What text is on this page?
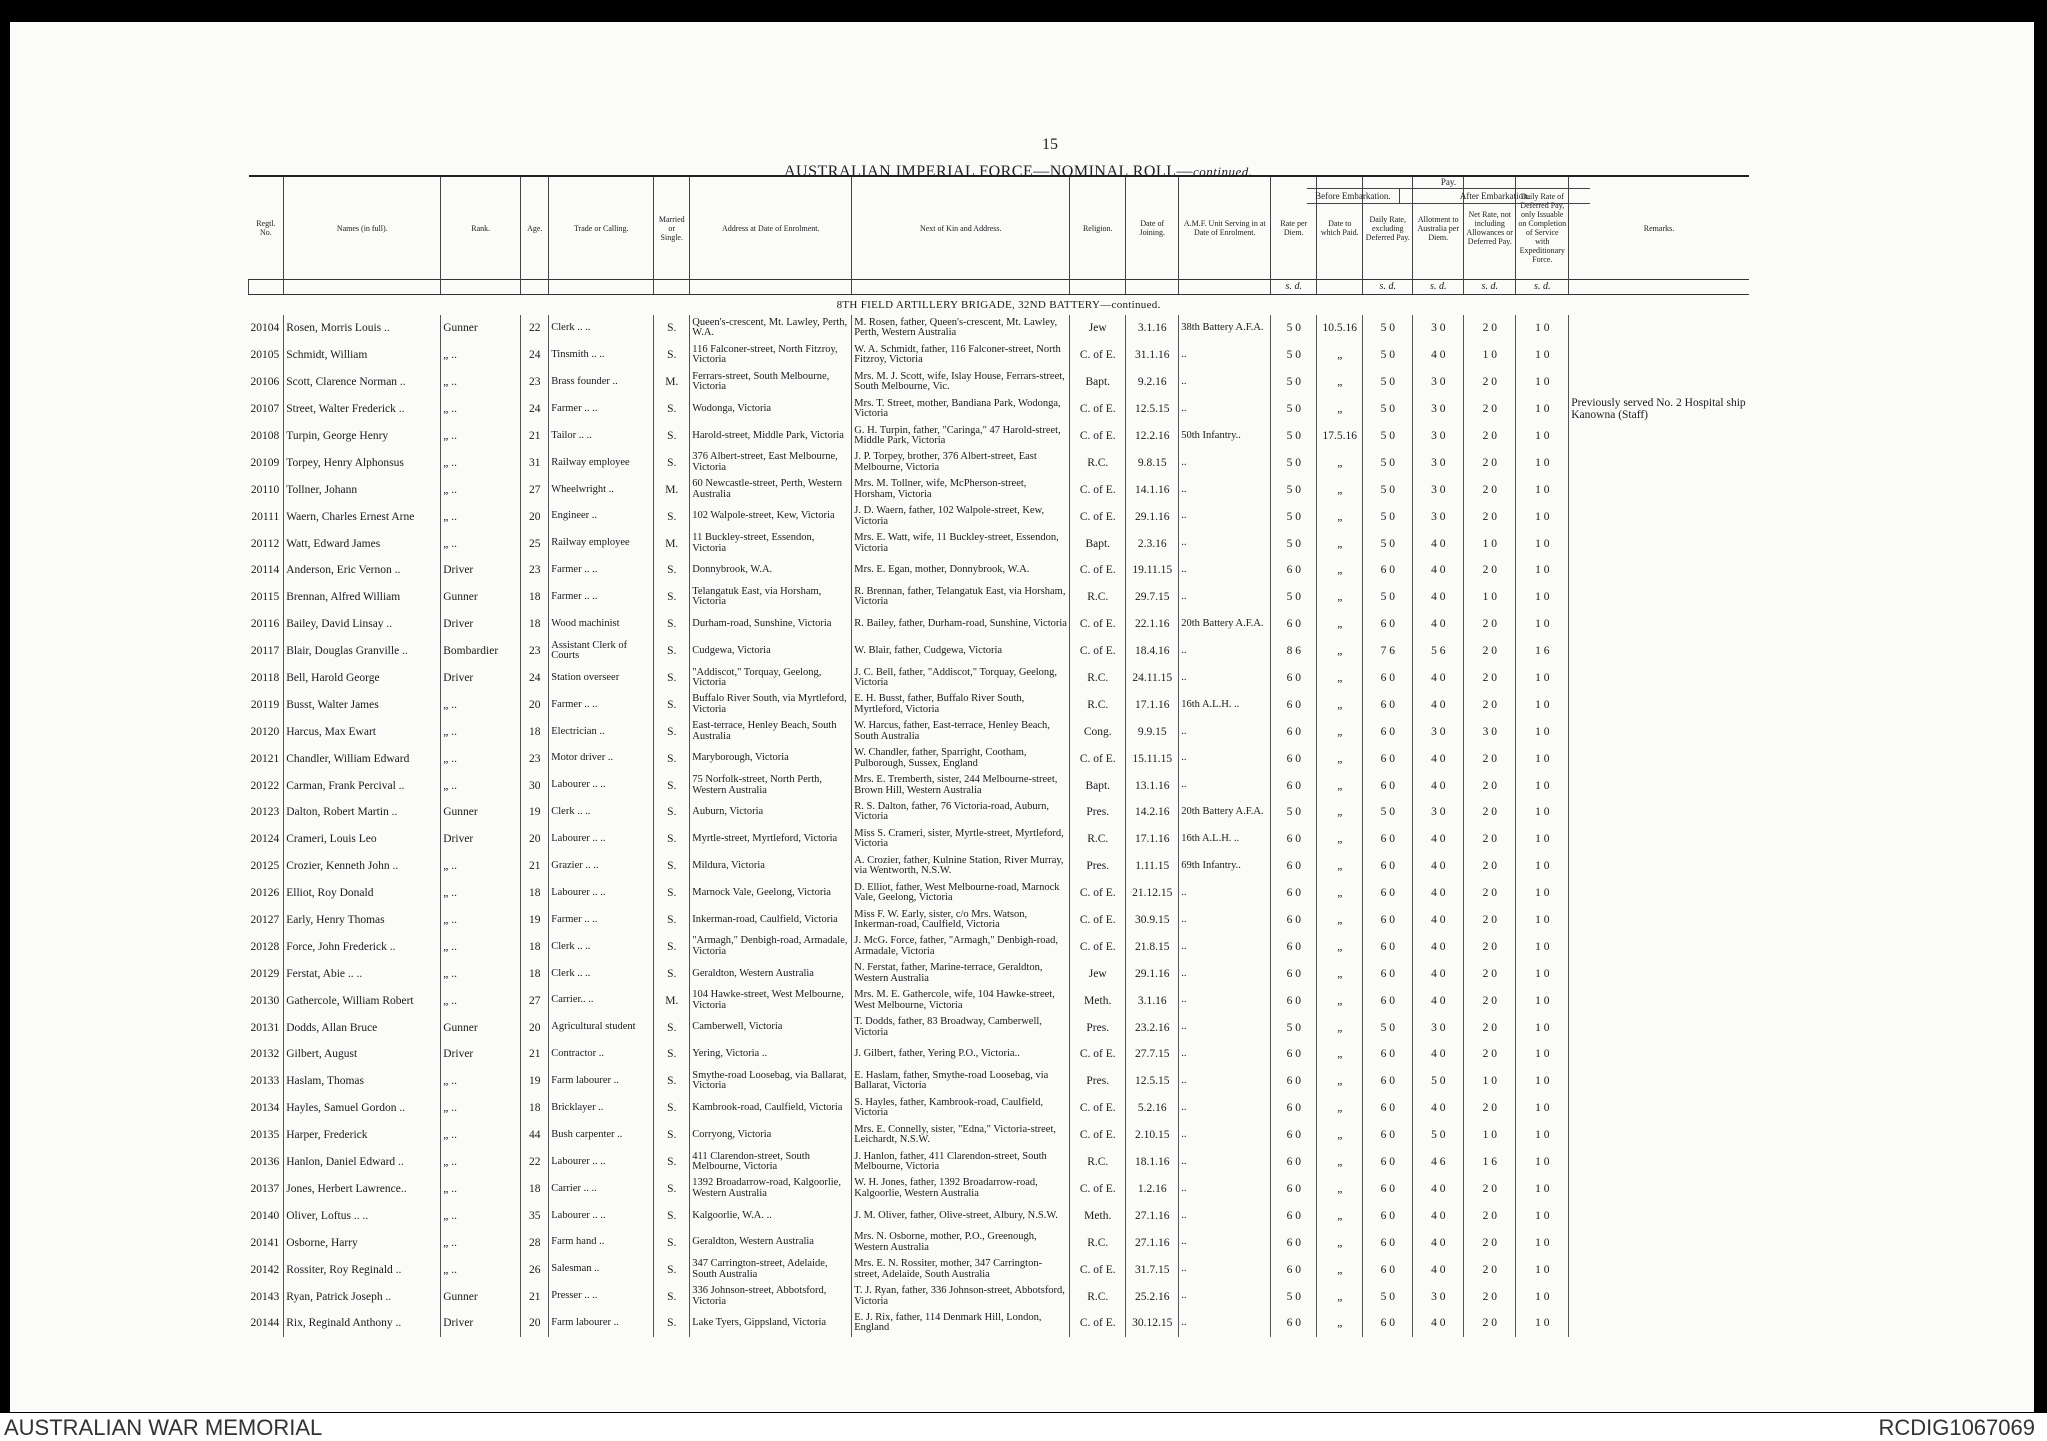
15
AUSTRALIAN IMPERIAL FORCE—NOMINAL ROLL—continued.
Regtl. No.	Names (in full).	Rank.	Age.	Trade or Calling.	Married or Single.	Address at Date of Enrolment.	Next of Kin and Address.	Religion.	Date of Joining.	A.M.F. Unit Serving in at Date of Enrolment.	Rate per Diem.	Date to which Paid.	Daily Rate, excluding Deferred Pay.	Allotment to Australia per Diem.	Net Rate, not including Allowances or Deferred Pay.	Daily Rate of Deferred Pay, only Issuable on Completion of Service with Expeditionary Force.	Remarks.
											s. d.		s. d.	s. d.	s. d.	s. d.	
8TH FIELD ARTILLERY BRIGADE, 32ND BATTERY—continued.																	
20104	Rosen, Morris Louis ..	Gunner	22	Clerk .. ..	S.	Queen's-crescent, Mt. Lawley, Perth, W.A.	M. Rosen, father, Queen's-crescent, Mt. Lawley, Perth, Western Australia	Jew	3.1.16	38th Battery A.F.A.	5 0	10.5.16	5 0	3 0	2 0	1 0	
20105	Schmidt, William	„ ..	24	Tinsmith .. ..	S.	116 Falconer-street, North Fitzroy, Victoria	W. A. Schmidt, father, 116 Falconer-street, North Fitzroy, Victoria	C. of E.	31.1.16	..	5 0	„	5 0	4 0	1 0	1 0	
20106	Scott, Clarence Norman ..	„ ..	23	Brass founder ..	M.	Ferrars-street, South Melbourne, Victoria	Mrs. M. J. Scott, wife, Islay House, Ferrars-street, South Melbourne, Vic.	Bapt.	9.2.16	..	5 0	„	5 0	3 0	2 0	1 0	
20107	Street, Walter Frederick ..	„ ..	24	Farmer .. ..	S.	Wodonga, Victoria	Mrs. T. Street, mother, Bandiana Park, Wodonga, Victoria	C. of E.	12.5.15	..	5 0	„	5 0	3 0	2 0	1 0	Previously served No. 2 Hospital ship Kanowna (Staff)
20108	Turpin, George Henry	„ ..	21	Tailor .. ..	S.	Harold-street, Middle Park, Victoria	G. H. Turpin, father, "Caringa," 47 Harold-street, Middle Park, Victoria	C. of E.	12.2.16	50th Infantry..	5 0	17.5.16	5 0	3 0	2 0	1 0	
20109	Torpey, Henry Alphonsus	„ ..	31	Railway employee	S.	376 Albert-street, East Melbourne, Victoria	J. P. Torpey, brother, 376 Albert-street, East Melbourne, Victoria	R.C.	9.8.15	..	5 0	„	5 0	3 0	2 0	1 0	
20110	Tollner, Johann	„ ..	27	Wheelwright ..	M.	60 Newcastle-street, Perth, Western Australia	Mrs. M. Tollner, wife, McPherson-street, Horsham, Victoria	C. of E.	14.1.16	..	5 0	„	5 0	3 0	2 0	1 0	
20111	Waern, Charles Ernest Arne	„ ..	20	Engineer ..	S.	102 Walpole-street, Kew, Victoria	J. D. Waern, father, 102 Walpole-street, Kew, Victoria	C. of E.	29.1.16	..	5 0	„	5 0	3 0	2 0	1 0	
20112	Watt, Edward James	„ ..	25	Railway employee	M.	11 Buckley-street, Essendon, Victoria	Mrs. E. Watt, wife, 11 Buckley-street, Essendon, Victoria	Bapt.	2.3.16	..	5 0	„	5 0	4 0	1 0	1 0	
20114	Anderson, Eric Vernon ..	Driver	23	Farmer .. ..	S.	Donnybrook, W.A.	Mrs. E. Egan, mother, Donnybrook, W.A.	C. of E.	19.11.15	..	6 0	„	6 0	4 0	2 0	1 0	
20115	Brennan, Alfred William	Gunner	18	Farmer .. ..	S.	Telangatuk East, via Horsham, Victoria	R. Brennan, father, Telangatuk East, via Horsham, Victoria	R.C.	29.7.15	..	5 0	„	5 0	4 0	1 0	1 0	
20116	Bailey, David Linsay ..	Driver	18	Wood machinist	S.	Durham-road, Sunshine, Victoria	R. Bailey, father, Durham-road, Sunshine, Victoria	C. of E.	22.1.16	20th Battery A.F.A.	6 0	„	6 0	4 0	2 0	1 0	
20117	Blair, Douglas Granville ..	Bombardier	23	Assistant Clerk of Courts	S.	Cudgewa, Victoria	W. Blair, father, Cudgewa, Victoria	C. of E.	18.4.16	..	8 6	„	7 6	5 6	2 0	1 6	
20118	Bell, Harold George	Driver	24	Station overseer	S.	"Addiscot," Torquay, Geelong, Victoria	J. C. Bell, father, "Addiscot," Torquay, Geelong, Victoria	R.C.	24.11.15	..	6 0	„	6 0	4 0	2 0	1 0	
20119	Busst, Walter James	„ ..	20	Farmer .. ..	S.	Buffalo River South, via Myrtleford, Victoria	E. H. Busst, father, Buffalo River South, Myrtleford, Victoria	R.C.	17.1.16	16th A.L.H. ..	6 0	„	6 0	4 0	2 0	1 0	
20120	Harcus, Max Ewart	„ ..	18	Electrician ..	S.	East-terrace, Henley Beach, South Australia	W. Harcus, father, East-terrace, Henley Beach, South Australia	Cong.	9.9.15	..	6 0	„	6 0	3 0	3 0	1 0	
20121	Chandler, William Edward	„ ..	23	Motor driver ..	S.	Maryborough, Victoria	W. Chandler, father, Sparright, Cootham, Pulborough, Sussex, England	C. of E.	15.11.15	..	6 0	„	6 0	4 0	2 0	1 0	
20122	Carman, Frank Percival ..	„ ..	30	Labourer .. ..	S.	75 Norfolk-street, North Perth, Western Australia	Mrs. E. Tremberth, sister, 244 Melbourne-street, Brown Hill, Western Australia	Bapt.	13.1.16	..	6 0	„	6 0	4 0	2 0	1 0	
20123	Dalton, Robert Martin ..	Gunner	19	Clerk .. ..	S.	Auburn, Victoria	R. S. Dalton, father, 76 Victoria-road, Auburn, Victoria	Pres.	14.2.16	20th Battery A.F.A.	5 0	„	5 0	3 0	2 0	1 0	
20124	Crameri, Louis Leo	Driver	20	Labourer .. ..	S.	Myrtle-street, Myrtleford, Victoria	Miss S. Crameri, sister, Myrtle-street, Myrtleford, Victoria	R.C.	17.1.16	16th A.L.H. ..	6 0	„	6 0	4 0	2 0	1 0	
20125	Crozier, Kenneth John ..	„ ..	21	Grazier .. ..	S.	Mildura, Victoria	A. Crozier, father, Kulnine Station, River Murray, via Wentworth, N.S.W.	Pres.	1.11.15	69th Infantry..	6 0	„	6 0	4 0	2 0	1 0	
20126	Elliot, Roy Donald	„ ..	18	Labourer .. ..	S.	Marnock Vale, Geelong, Victoria	D. Elliot, father, West Melbourne-road, Marnock Vale, Geelong, Victoria	C. of E.	21.12.15	..	6 0	„	6 0	4 0	2 0	1 0	
20127	Early, Henry Thomas	„ ..	19	Farmer .. ..	S.	Inkerman-road, Caulfield, Victoria	Miss F. W. Early, sister, c/o Mrs. Watson, Inkerman-road, Caulfield, Victoria	C. of E.	30.9.15	..	6 0	„	6 0	4 0	2 0	1 0	
20128	Force, John Frederick ..	„ ..	18	Clerk .. ..	S.	"Armagh," Denbigh-road, Armadale, Victoria	J. McG. Force, father, "Armagh," Denbigh-road, Armadale, Victoria	C. of E.	21.8.15	..	6 0	„	6 0	4 0	2 0	1 0	
20129	Ferstat, Abie .. ..	„ ..	18	Clerk .. ..	S.	Geraldton, Western Australia	N. Ferstat, father, Marine-terrace, Geraldton, Western Australia	Jew	29.1.16	..	6 0	„	6 0	4 0	2 0	1 0	
20130	Gathercole, William Robert	„ ..	27	Carrier.. ..	M.	104 Hawke-street, West Melbourne, Victoria	Mrs. M. E. Gathercole, wife, 104 Hawke-street, West Melbourne, Victoria	Meth.	3.1.16	..	6 0	„	6 0	4 0	2 0	1 0	
20131	Dodds, Allan Bruce	Gunner	20	Agricultural student	S.	Camberwell, Victoria	T. Dodds, father, 83 Broadway, Camberwell, Victoria	Pres.	23.2.16	..	5 0	„	5 0	3 0	2 0	1 0	
20132	Gilbert, August	Driver	21	Contractor ..	S.	Yering, Victoria ..	J. Gilbert, father, Yering P.O., Victoria..	C. of E.	27.7.15	..	6 0	„	6 0	4 0	2 0	1 0	
20133	Haslam, Thomas	„ ..	19	Farm labourer ..	S.	Smythe-road Loosebag, via Ballarat, Victoria	E. Haslam, father, Smythe-road Loosebag, via Ballarat, Victoria	Pres.	12.5.15	..	6 0	„	6 0	5 0	1 0	1 0	
20134	Hayles, Samuel Gordon ..	„ ..	18	Bricklayer ..	S.	Kambrook-road, Caulfield, Victoria	S. Hayles, father, Kambrook-road, Caulfield, Victoria	C. of E.	5.2.16	..	6 0	„	6 0	4 0	2 0	1 0	
20135	Harper, Frederick	„ ..	44	Bush carpenter ..	S.	Corryong, Victoria	Mrs. E. Connelly, sister, "Edna," Victoria-street, Leichardt, N.S.W.	C. of E.	2.10.15	..	6 0	„	6 0	5 0	1 0	1 0	
20136	Hanlon, Daniel Edward ..	„ ..	22	Labourer .. ..	S.	411 Clarendon-street, South Melbourne, Victoria	J. Hanlon, father, 411 Clarendon-street, South Melbourne, Victoria	R.C.	18.1.16	..	6 0	„	6 0	4 6	1 6	1 0	
20137	Jones, Herbert Lawrence..	„ ..	18	Carrier .. ..	S.	1392 Broadarrow-road, Kalgoorlie, Western Australia	W. H. Jones, father, 1392 Broadarrow-road, Kalgoorlie, Western Australia	C. of E.	1.2.16	..	6 0	„	6 0	4 0	2 0	1 0	
20140	Oliver, Loftus .. ..	„ ..	35	Labourer .. ..	S.	Kalgoorlie, W.A. ..	J. M. Oliver, father, Olive-street, Albury, N.S.W.	Meth.	27.1.16	..	6 0	„	6 0	4 0	2 0	1 0	
20141	Osborne, Harry	„ ..	28	Farm hand ..	S.	Geraldton, Western Australia	Mrs. N. Osborne, mother, P.O., Greenough, Western Australia	R.C.	27.1.16	..	6 0	„	6 0	4 0	2 0	1 0	
20142	Rossiter, Roy Reginald ..	„ ..	26	Salesman ..	S.	347 Carrington-street, Adelaide, South Australia	Mrs. E. N. Rossiter, mother, 347 Carrington-street, Adelaide, South Australia	C. of E.	31.7.15	..	6 0	„	6 0	4 0	2 0	1 0	
20143	Ryan, Patrick Joseph ..	Gunner	21	Presser .. ..	S.	336 Johnson-street, Abbotsford, Victoria	T. J. Ryan, father, 336 Johnson-street, Abbotsford, Victoria	R.C.	25.2.16	..	5 0	„	5 0	3 0	2 0	1 0	
20144	Rix, Reginald Anthony ..	Driver	20	Farm labourer ..	S.	Lake Tyers, Gippsland, Victoria	E. J. Rix, father, 114 Denmark Hill, London, England	C. of E.	30.12.15	..	6 0	„	6 0	4 0	2 0	1 0	
Pay.
Before Embarkation.	After Embarkation.
AUSTRALIAN WAR MEMORIAL	RCDIG1067069
